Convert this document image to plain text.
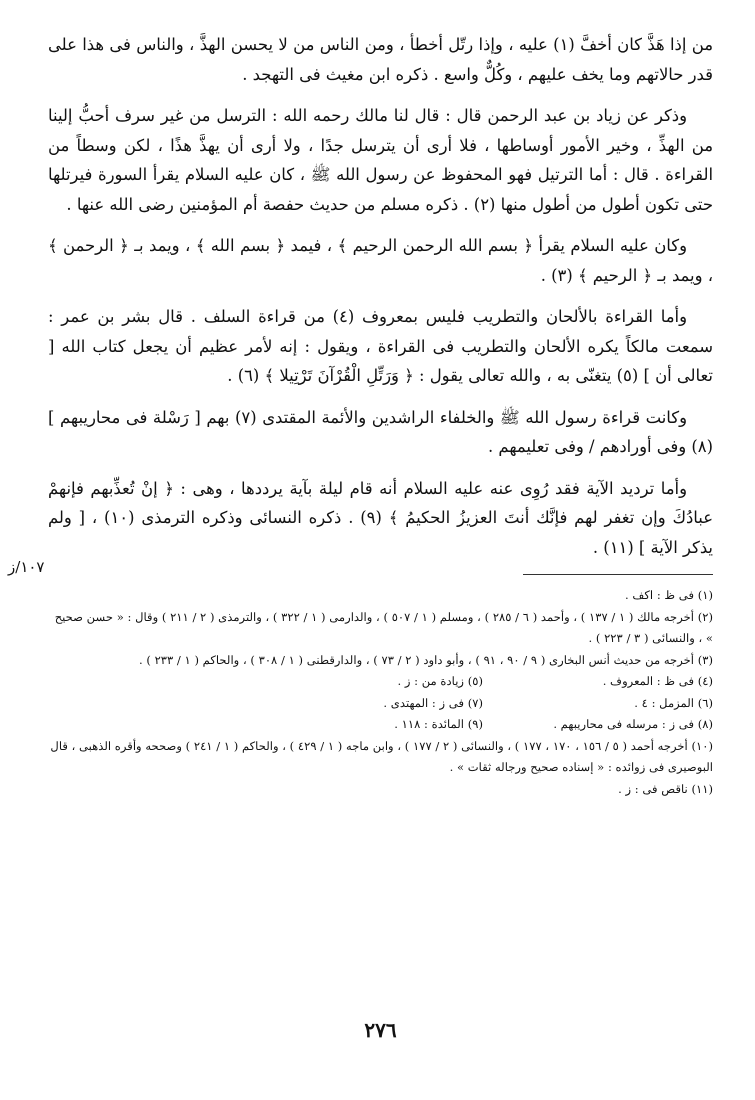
من إذا هَذَّ كان أخفَّ (١) عليه ، وإذا رتّل أخطأ ، ومن الناس من لا يحسن الهذَّ ، والناس فى هذا على قدر حالاتهم وما يخف عليهم ، وكُلٌّ واسع . ذكره ابن مغيث فى التهجد .

وذكر عن زياد بن عبد الرحمن قال : قال لنا مالك رحمه الله : الترسل من غير سرف أحبُّ إلينا من الهذِّ ، وخير الأمور أوساطها ، فلا أرى أن يترسل جدًا ، ولا أرى أن يهذَّ هذًا ، لكن وسطاً من القراءة . قال : أما الترتيل فهو المحفوظ عن رسول الله ﷺ ، كان عليه السلام يقرأ السورة فيرتلها حتى تكون أطول من أطول منها (٢) . ذكره مسلم من حديث حفصة أم المؤمنين رضى الله عنها .

وكان عليه السلام يقرأ ﴿ بسم الله الرحمن الرحيم ﴾ ، فيمد ﴿ بسم الله ﴾ ، ويمد بـ ﴿ الرحمن ﴾ ، ويمد بـ ﴿ الرحيم ﴾ (٣) .

وأما القراءة بالألحان والتطريب فليس بمعروف (٤) من قراءة السلف . قال بشر بن عمر : سمعت مالكاً يكره الألحان والتطريب فى القراءة ، ويقول : إنه لأمر عظيم أن يجعل كتاب الله [ تعالى أن ] (٥) يتغنّى به ، والله تعالى يقول : ﴿ وَرَتِّلِ الْقُرْآنَ تَرْتِيلا ﴾ (٦) .

وكانت قراءة رسول الله ﷺ والخلفاء الراشدين والأئمة المقتدى (٧) بهم [ رَسْلة فى محاريبهم ] (٨) وفى أورادهم / وفى تعليمهم .

وأما ترديد الآية فقد رُوِى عنه عليه السلام أنه قام ليلة بآية يرددها ، وهى : ﴿ إنْ تُعذِّبهم فإنهمْ عبادُكَ وإن تغفر لهم فإنَّك أنتَ العزيزُ الحكيمُ ﴾ (٩) . ذكره النسائى وذكره الترمذى (١٠) ، [ ولم يذكر الآية ] (١١) .

١٠٧/ز

(١) فى ظ : اكف .

(٢) أخرجه مالك ( ١ / ١٣٧ ) ، وأحمد ( ٦ / ٢٨٥ ) ، ومسلم ( ١ / ٥٠٧ ) ، والدارمى ( ١ / ٣٢٢ ) ، والترمذى ( ٢ / ٢١١ ) وقال : « حسن صحيح » ، والنسائى ( ٣ / ٢٢٣ ) .

(٣) أخرجه من حديث أنس البخارى ( ٩ / ٩٠ ، ٩١ ) ، وأبو داود ( ٢ / ٧٣ ) ، والدارقطنى ( ١ / ٣٠٨ ) ، والحاكم ( ١ / ٢٣٣ ) .

(٤) فى ظ : المعروف .

(٥) زيادة من : ز .

(٦) المزمل : ٤ .

(٧) فى ز : المهتدى .

(٨) فى ز : مرسله فى محاريبهم .

(٩) المائدة : ١١٨ .

(١٠) أخرجه أحمد ( ٥ / ١٥٦ ، ١٧٠ ، ١٧٧ ) ، والنسائى ( ٢ / ١٧٧ ) ، وابن ماجه ( ١ / ٤٢٩ ) ، والحاكم ( ١ / ٢٤١ ) وصححه وأقره الذهبى ، قال البوصيرى فى زوائده : « إسناده صحيح ورجاله ثقات » .

(١١) ناقص فى : ز .

٢٧٦
